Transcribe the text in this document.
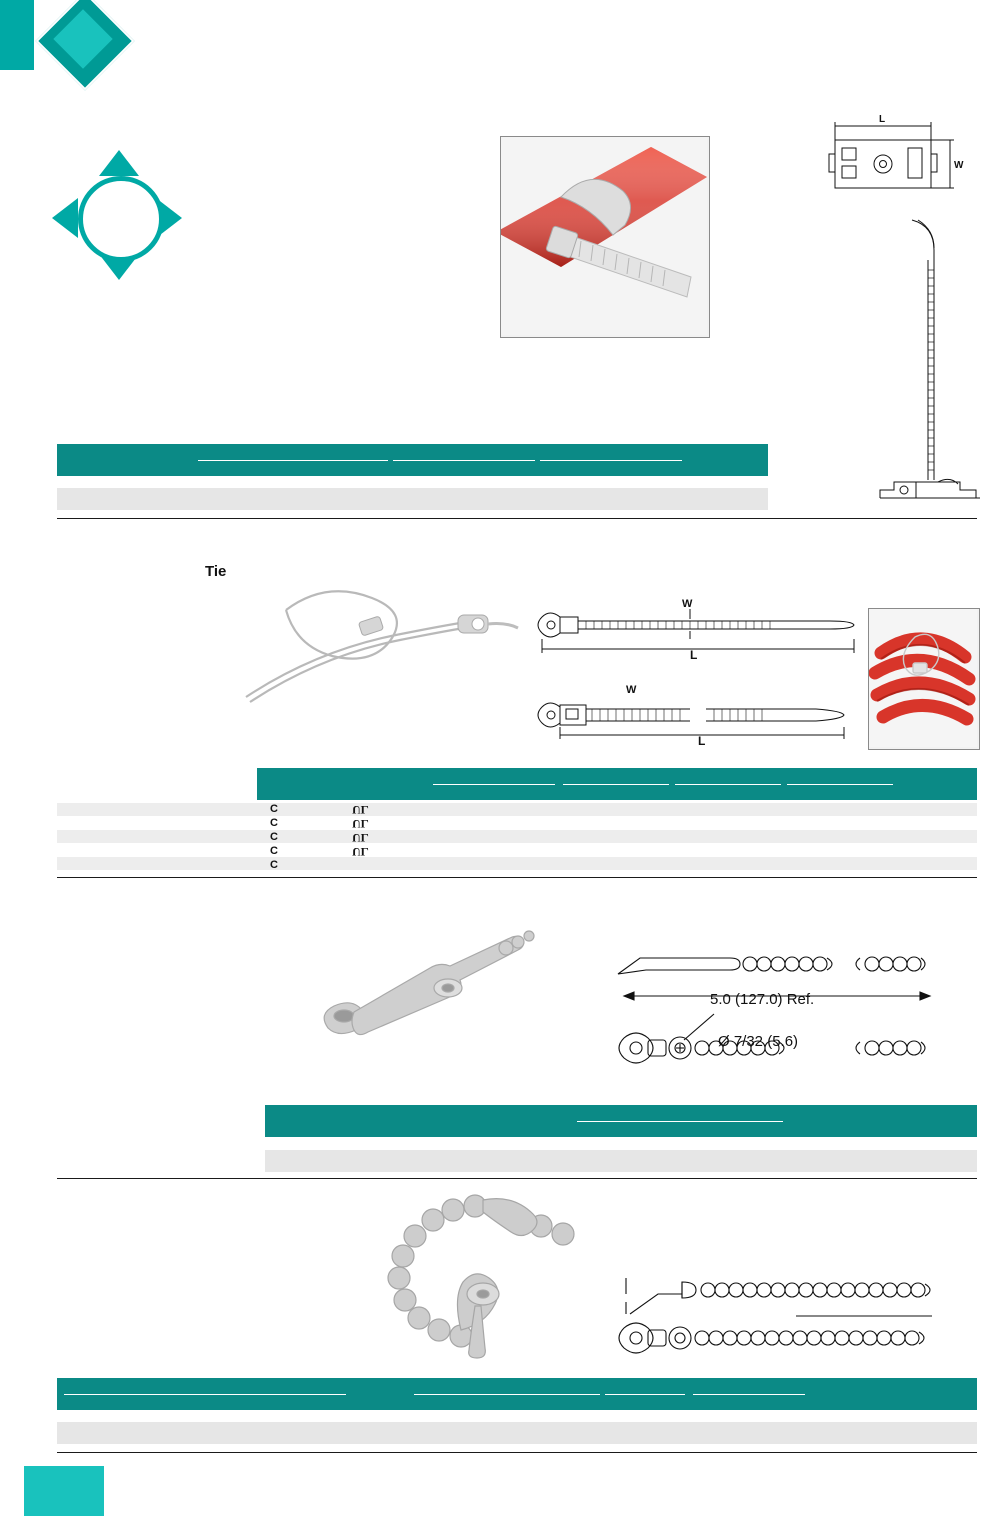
L
W
Tie
W
L
W
L
C
C
C
C
C
UL
UL
UL
UL
5.0 (127.0) Ref.
Ø 7/32 (5.6)
